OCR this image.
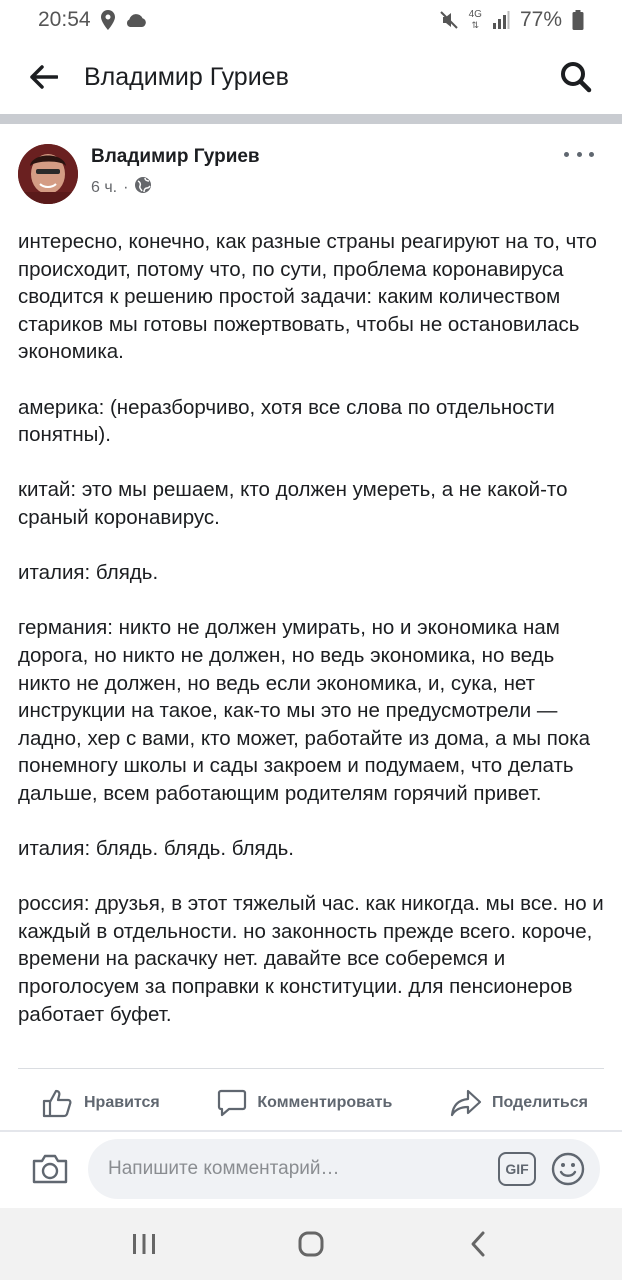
20:54	4G
⇅ 77%
Владимир Гуриев
Владимир Гуриев
6 ч. ·

интересно, конечно, как разные страны реагируют на то, что происходит, потому что, по сути, проблема коронавируса сводится к решению простой задачи: каким количеством стариков мы готовы пожертвовать, чтобы не остановилась экономика.

америка: (неразборчиво, хотя все слова по отдельности понятны).

китай: это мы решаем, кто должен умереть, а не какой-то сраный коронавирус.

италия: блядь.

германия: никто не должен умирать, но и экономика нам дорога, но никто не должен, но ведь экономика, но ведь никто не должен, но ведь если экономика, и, сука, нет инструкции на такое, как-то мы это не предусмотрели — ладно, хер с вами, кто может, работайте из дома, а мы пока понемногу школы и сады закроем и подумаем, что делать дальше, всем работающим родителям горячий привет.

италия: блядь. блядь. блядь.

россия: друзья, в этот тяжелый час. как никогда. мы все. но и каждый в отдельности. но законность прежде всего. короче, времени на раскачку нет. давайте все соберемся и проголосуем за поправки к конституции. для пенсионеров работает буфет.

Нравится	Комментировать	Поделиться
Напишите комментарий…	GIF
